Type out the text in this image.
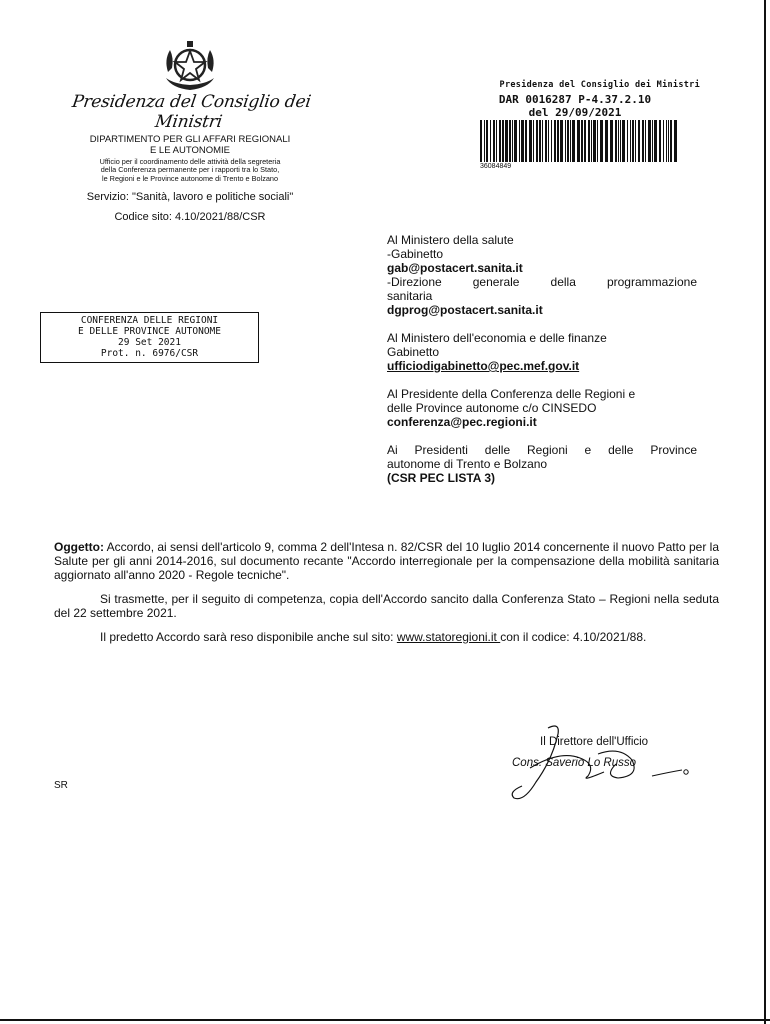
Presidenza del Consiglio dei Ministri

DIPARTIMENTO PER GLI AFFARI REGIONALI

E LE AUTONOMIE

Ufficio per il coordinamento delle attività della segreteria

della Conferenza permanente per i rapporti tra lo Stato,

le Regioni e le Province autonome di Trento e Bolzano

Servizio: "Sanità, lavoro e politiche sociali"
Codice sito: 4.10/2021/88/CSR
Presidenza del Consiglio dei Ministri
DAR 0016287 P-4.37.2.10
del 29/09/2021
36084849
CONFERENZA DELLE REGIONI
E DELLE PROVINCE AUTONOME
29 Set 2021
Prot. n. 6976/CSR

Al Ministero della salute

-Gabinetto

gab@postacert.sanita.it

-Direzione generale della programmazione

sanitaria

dgprog@postacert.sanita.it

Al Ministero dell'economia e delle finanze

Gabinetto

ufficiodigabinetto@pec.mef.gov.it

Al Presidente della Conferenza delle Regioni e

delle Province autonome c/o CINSEDO

conferenza@pec.regioni.it

Ai Presidenti delle Regioni e delle Province

autonome di Trento e Bolzano

(CSR PEC LISTA 3)

Oggetto: Accordo, ai sensi dell'articolo 9, comma 2 dell'Intesa n. 82/CSR del 10 luglio 2014 concernente il nuovo Patto per la Salute per gli anni 2014-2016, sul documento recante "Accordo interregionale per la compensazione della mobilità sanitaria aggiornato all'anno 2020 - Regole tecniche".

Si trasmette, per il seguito di competenza, copia dell'Accordo sancito dalla Conferenza Stato – Regioni nella seduta del 22 settembre 2021.

Il predetto Accordo sarà reso disponibile anche sul sito: www.statoregioni.it con il codice: 4.10/2021/88.

Il Direttore dell'Ufficio
Cons. Saverio Lo Russo
SR
